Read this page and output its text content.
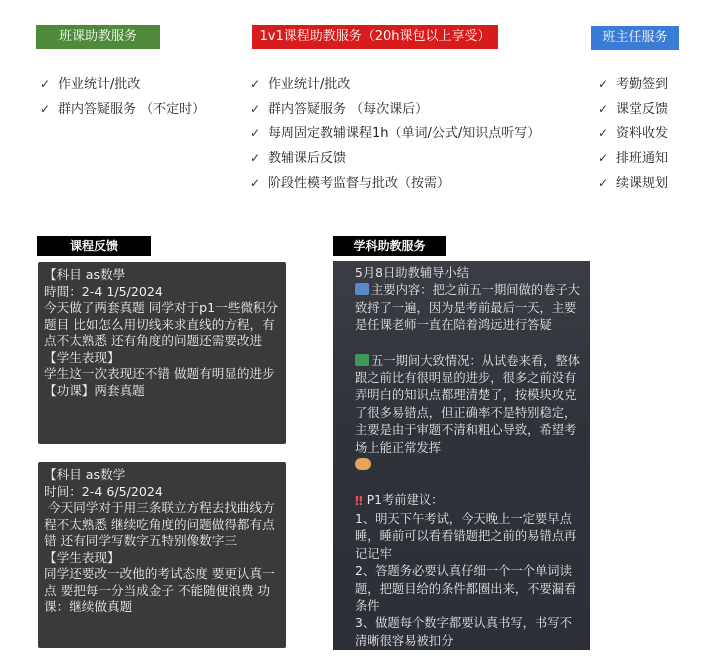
班课助教服务	1v1课程助教服务（20h课包以上享受）	班主任服务
✓ 作业统计/批改
✓ 群内答疑服务 （不定时）
✓ 作业统计/批改
✓ 群内答疑服务 （每次课后）
✓ 每周固定教辅课程1h（单词/公式/知识点听写）
✓ 教辅课后反馈
✓ 阶段性模考监督与批改（按需）
✓ 考勤签到
✓ 课堂反馈
✓ 资料收发
✓ 排班通知
✓ 续课规划
课程反馈	学科助教服务

【科目 as数學
時間：2-4 1/5/2024
今天做了两套真题 同学对于p1一些微积分题目 比如怎么用切线来求直线的方程，有点不太熟悉 还有角度的问题还需要改进
【学生表现】
学生这一次表现还不错 做题有明显的进步
【功课】两套真题

【科目 as数学
时间：2-4 6/5/2024
今天同学对于用三条联立方程去找曲线方程不太熟悉 继续吃角度的问题做得都有点错 还有同学写数字五特别像数字三
【学生表现】
同学还要改一改他的考试态度 要更认真一点 要把每一分当成金子 不能随便浪费 功课：继续做真题

5月8日助教辅导小结

主要内容：把之前五一期间做的卷子大致捋了一遍，因为是考前最后一天，主要是任课老师一直在陪着鸿远进行答疑

五一期间大致情况：从试卷来看，整体跟之前比有很明显的进步，很多之前没有弄明白的知识点都理清楚了，按模块攻克了很多易错点，但正确率不是特别稳定，主要是由于审题不清和粗心导致，希望考场上能正常发挥

‼ P1考前建议：

1、明天下午考试，今天晚上一定要早点睡，睡前可以看看错题把之前的易错点再记记牢

2、答题务必要认真仔细一个一个单词读题，把题目给的条件都圈出来，不要漏看条件

3、做题每个数字都要认真书写，书写不清晰很容易被扣分
